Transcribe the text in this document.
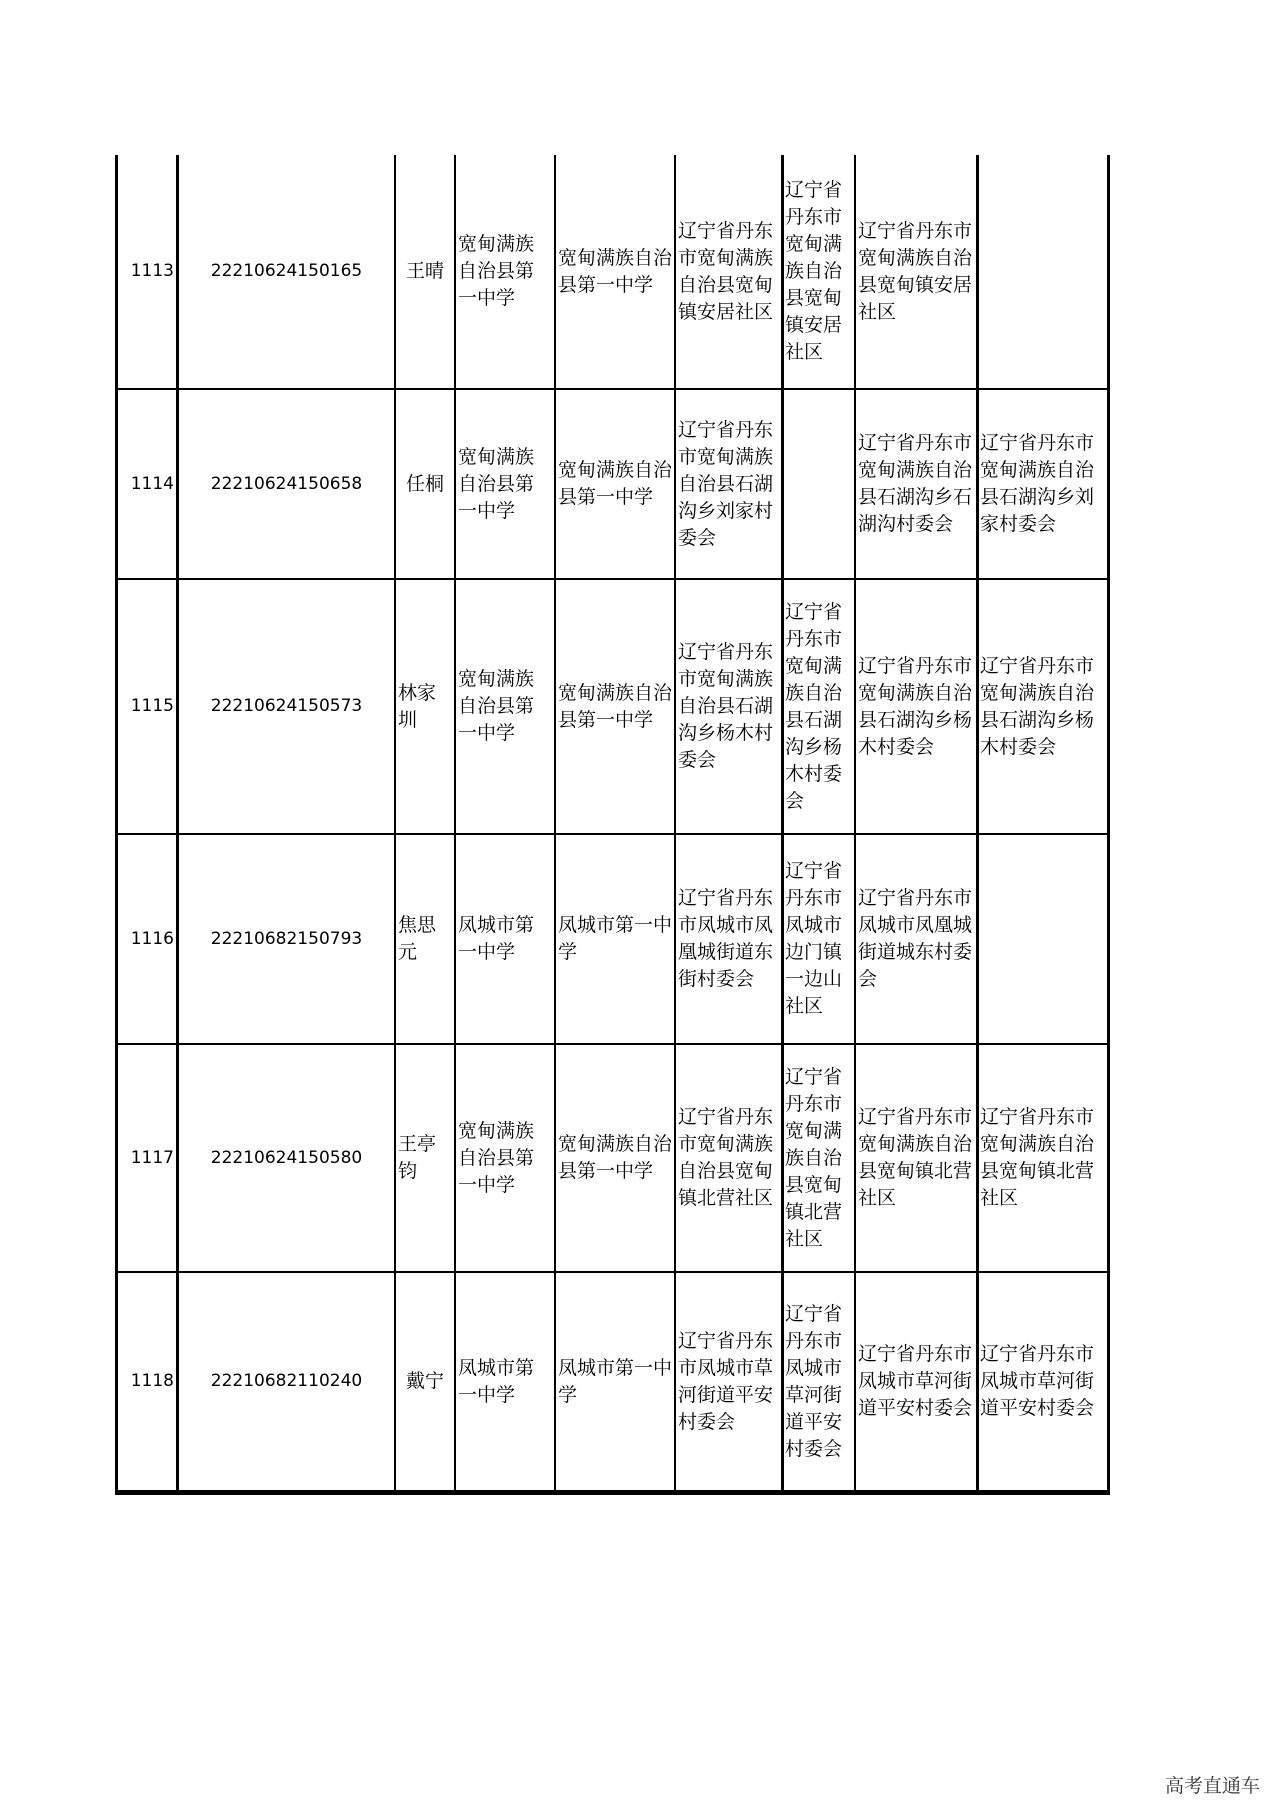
1113 22210624150165 王晴
宽甸满族自治县第一中学
宽甸满族自治县第一中学
辽宁省丹东市宽甸满族自治县宽甸镇安居社区
辽宁省丹东市宽甸满族自治县宽甸镇安居社区
辽宁省丹东市宽甸满族自治县宽甸镇安居社区
1114 22210624150658 任桐
宽甸满族自治县第一中学
宽甸满族自治县第一中学
辽宁省丹东市宽甸满族自治县石湖沟乡刘家村委会
辽宁省丹东市宽甸满族自治县石湖沟乡石湖沟村委会
辽宁省丹东市宽甸满族自治县石湖沟乡刘家村委会
1115 22210624150573
林家圳
宽甸满族自治县第一中学
宽甸满族自治县第一中学
辽宁省丹东市宽甸满族自治县石湖沟乡杨木村委会
辽宁省丹东市宽甸满族自治县石湖沟乡杨木村委会
辽宁省丹东市宽甸满族自治县石湖沟乡杨木村委会
辽宁省丹东市宽甸满族自治县石湖沟乡杨木村委会
1116 22210682150793
焦思元
凤城市第一中学
凤城市第一中学
辽宁省丹东市凤城市凤凰城街道东街村委会
辽宁省丹东市凤城市边门镇一边山社区
辽宁省丹东市凤城市凤凰城街道城东村委会
1117 22210624150580
王亭钧
宽甸满族自治县第一中学
宽甸满族自治县第一中学
辽宁省丹东市宽甸满族自治县宽甸镇北营社区
辽宁省丹东市宽甸满族自治县宽甸镇北营社区
辽宁省丹东市宽甸满族自治县宽甸镇北营社区
辽宁省丹东市宽甸满族自治县宽甸镇北营社区
1118 22210682110240 戴宁
凤城市第一中学
凤城市第一中学
辽宁省丹东市凤城市草河街道平安村委会
辽宁省丹东市凤城市草河街道平安村委会
辽宁省丹东市凤城市草河街道平安村委会
辽宁省丹东市凤城市草河街道平安村委会
高考直通车
